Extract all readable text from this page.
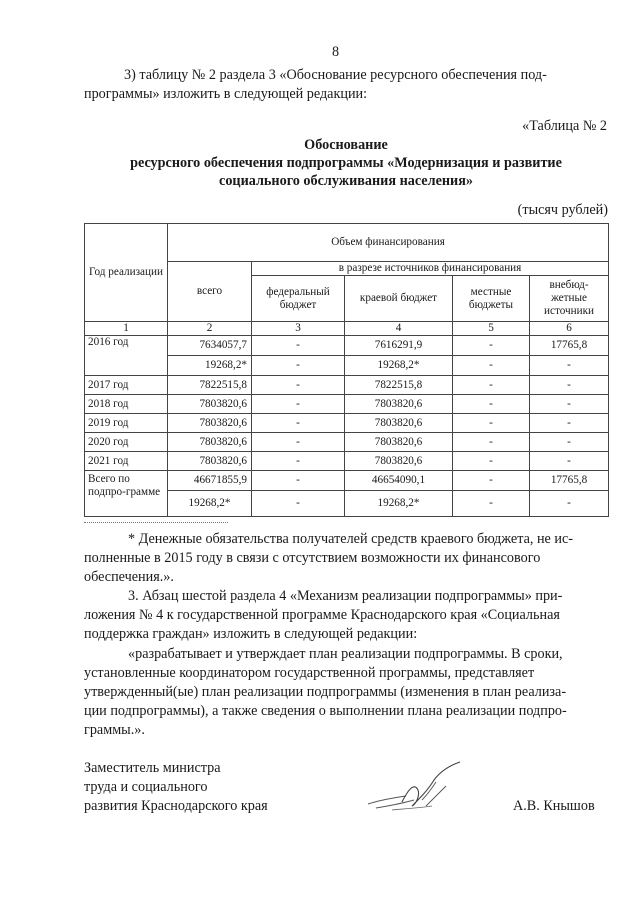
8
3) таблицу № 2 раздела 3 «Обоснование ресурсного обеспечения под-
программы» изложить в следующей редакции:
«Таблица № 2
Обоснование
ресурсного обеспечения подпрограммы «Модернизация и развитие
социального обслуживания населения»
(тысяч рублей)
Год реализации	Объем финансирования				
	всего	в разрезе источников финансирования			
		федеральный бюджет	краевой бюджет	местные бюджеты	внебюд-жетные источники
1	2	3	4	5	6
2016 год	7634057,7	-	7616291,9	-	17765,8
	19268,2*	-	19268,2*	-	-
2017 год	7822515,8	-	7822515,8	-	-
2018 год	7803820,6	-	7803820,6	-	-
2019 год	7803820,6	-	7803820,6	-	-
2020 год	7803820,6	-	7803820,6	-	-
2021 год	7803820,6	-	7803820,6	-	-
Всего по подпро-грамме	46671855,9	-	46654090,1	-	17765,8
	19268,2*	-	19268,2*	-	-
* Денежные обязательства получателей средств краевого бюджета, не ис-
полненные в 2015 году в связи с отсутствием возможности их финансового
обеспечения.».
3. Абзац шестой раздела 4 «Механизм реализации подпрограммы» при-
ложения № 4 к государственной программе Краснодарского края «Социальная
поддержка граждан» изложить в следующей редакции:
«разрабатывает и утверждает план реализации подпрограммы. В сроки,
установленные координатором государственной программы, представляет
утвержденный(ые) план реализации подпрограммы (изменения в план реализа-
ции подпрограммы), а также сведения о выполнении плана реализации подпро-
граммы.».
Заместитель министра
труда и социального
развития Краснодарского края	А.В. Кнышов
